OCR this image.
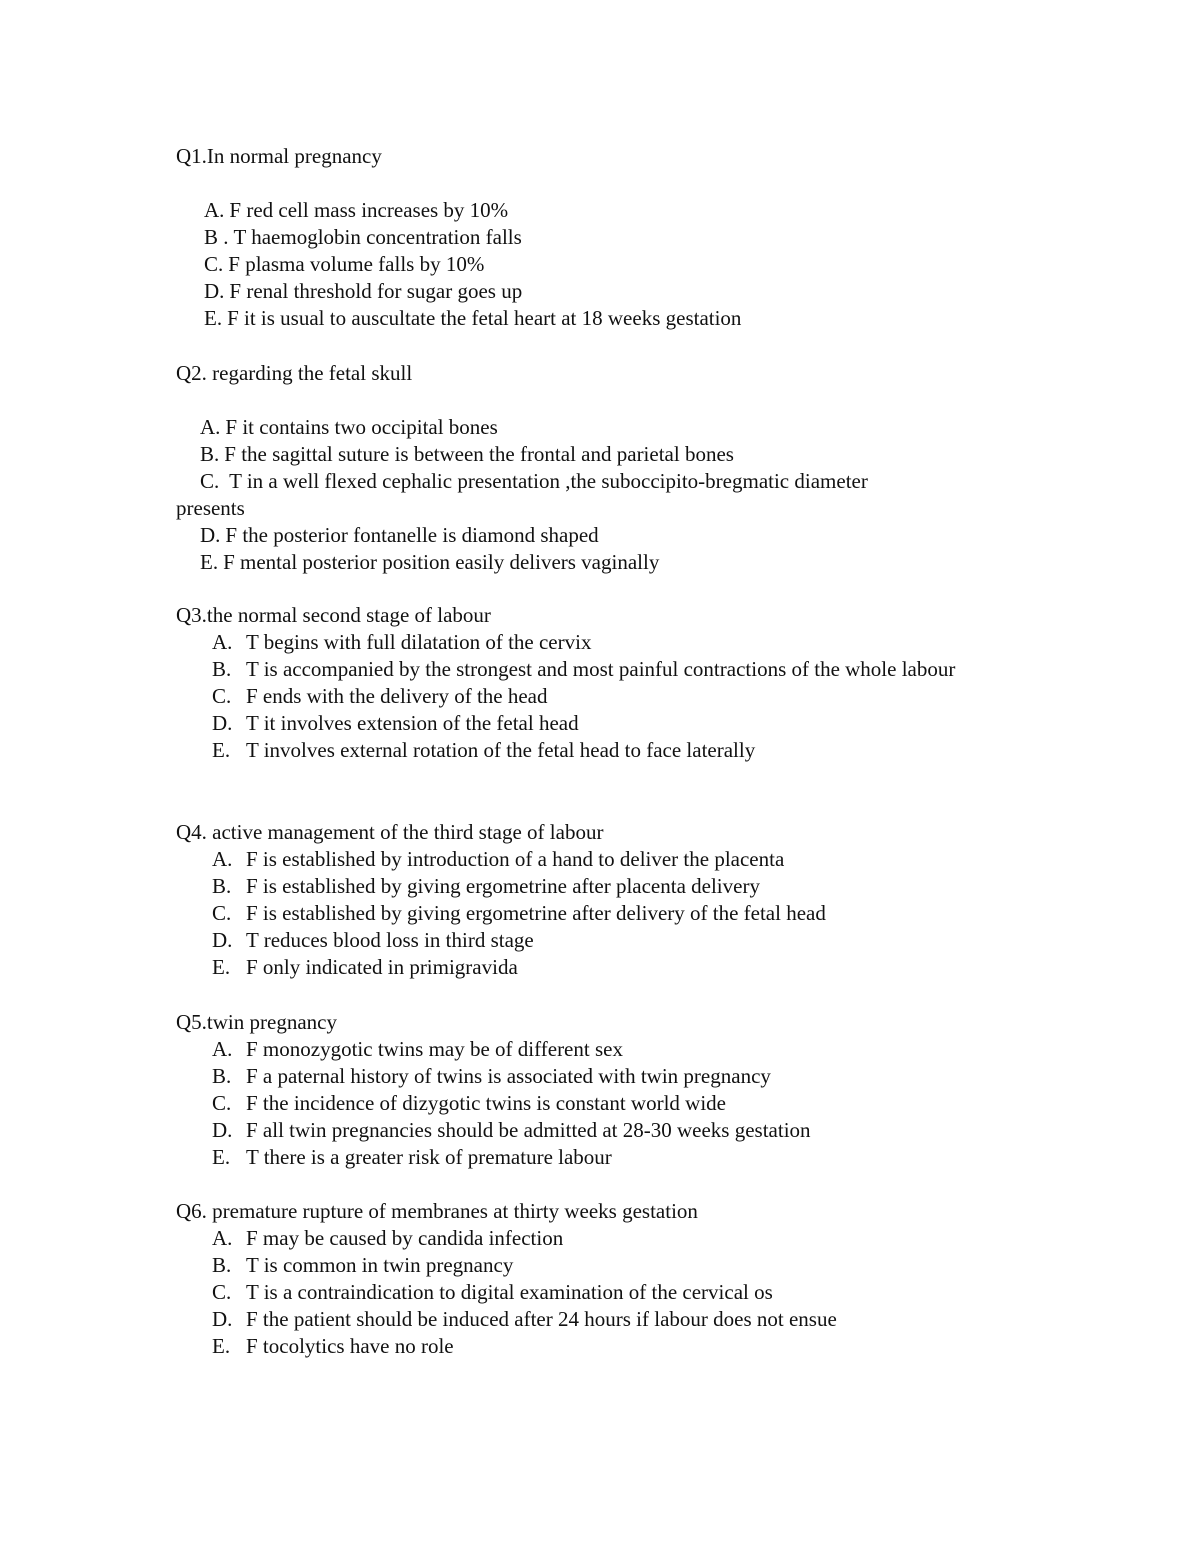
Q1.In normal pregnancy
A. F red cell mass increases by 10%
B . T haemoglobin concentration falls
C. F plasma volume falls by 10%
D. F renal threshold for sugar goes up
E. F it is usual to auscultate the fetal heart at 18 weeks gestation
Q2. regarding the fetal skull
A. F it contains two occipital bones
B. F the sagittal suture is between the frontal and parietal bones
C. T in a well flexed cephalic presentation ,the suboccipito-bregmatic diameter
presents
D. F the posterior fontanelle is diamond shaped
E. F mental posterior position easily delivers vaginally
Q3.the normal second stage of labour
A. T begins with full dilatation of the cervix
B. T is accompanied by the strongest and most painful contractions of the whole labour
C. F ends with the delivery of the head
D. T it involves extension of the fetal head
E. T involves external rotation of the fetal head to face laterally
Q4. active management of the third stage of labour
A. F is established by introduction of a hand to deliver the placenta
B. F is established by giving ergometrine after placenta delivery
C. F is established by giving ergometrine after delivery of the fetal head
D. T reduces blood loss in third stage
E. F only indicated in primigravida
Q5.twin pregnancy
A. F monozygotic twins may be of different sex
B. F a paternal history of twins is associated with twin pregnancy
C. F the incidence of dizygotic twins is constant world wide
D. F all twin pregnancies should be admitted at 28-30 weeks gestation
E. T there is a greater risk of premature labour
Q6. premature rupture of membranes at thirty weeks gestation
A. F may be caused by candida infection
B. T is common in twin pregnancy
C. T is a contraindication to digital examination of the cervical os
D. F the patient should be induced after 24 hours if labour does not ensue
E. F tocolytics have no role
